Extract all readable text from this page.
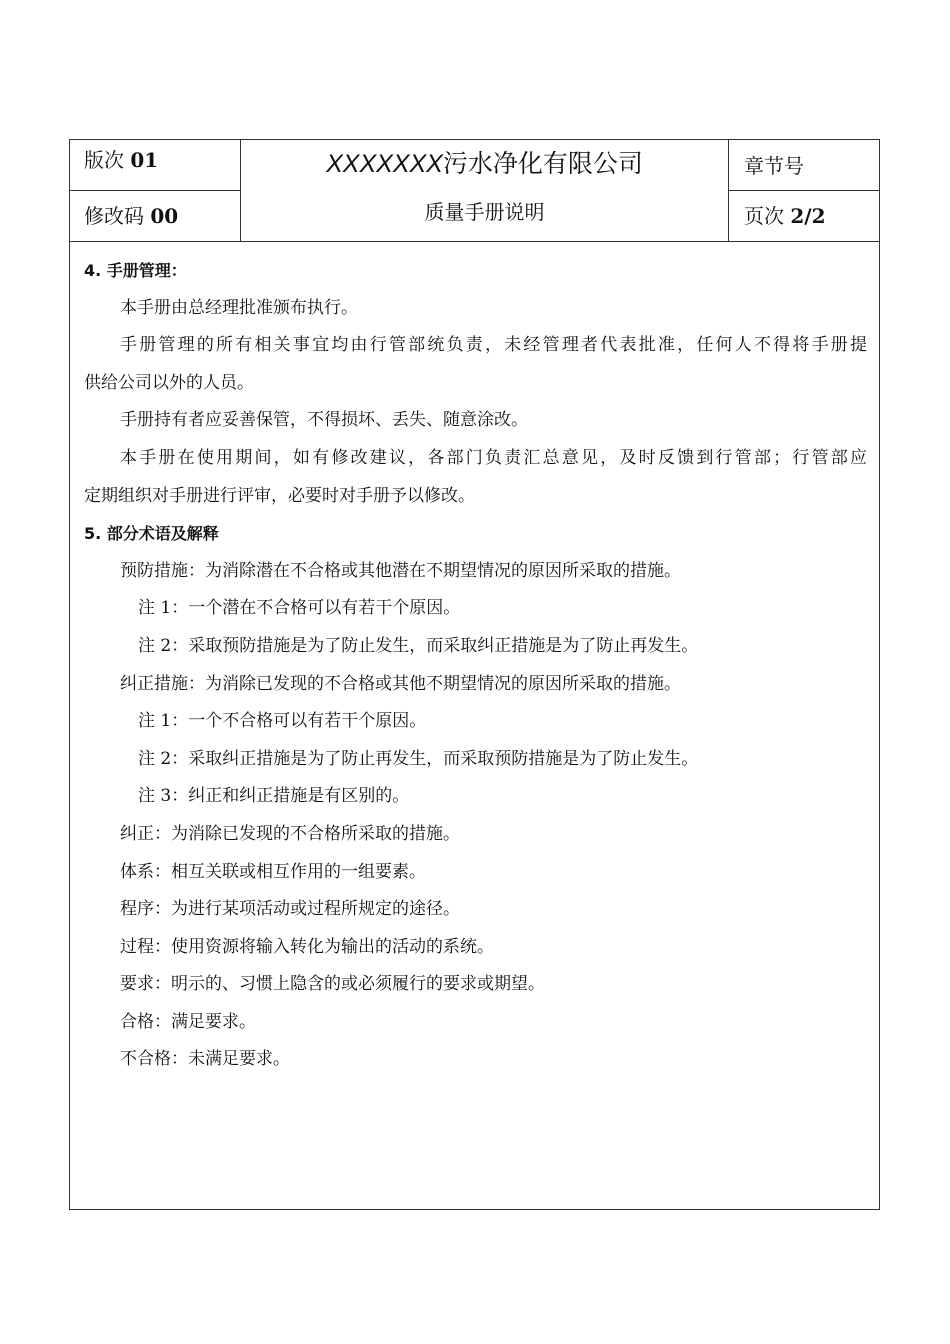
版次 01
修改码 00
XXXXXXX污水净化有限公司
质量手册说明
章节号
页次 2/2
4. 手册管理：
本手册由总经理批准颁布执行。
手册管理的所有相关事宜均由行管部统负责，未经管理者代表批准，任何人不得将手册提
供给公司以外的人员。
手册持有者应妥善保管，不得损坏、丢失、随意涂改。
本手册在使用期间，如有修改建议，各部门负责汇总意见，及时反馈到行管部；行管部应
定期组织对手册进行评审，必要时对手册予以修改。
5. 部分术语及解释
预防措施：为消除潜在不合格或其他潜在不期望情况的原因所采取的措施。
注 1：一个潜在不合格可以有若干个原因。
注 2：采取预防措施是为了防止发生，而采取纠正措施是为了防止再发生。
纠正措施：为消除已发现的不合格或其他不期望情况的原因所采取的措施。
注 1：一个不合格可以有若干个原因。
注 2：采取纠正措施是为了防止再发生，而采取预防措施是为了防止发生。
注 3：纠正和纠正措施是有区别的。
纠正：为消除已发现的不合格所采取的措施。
体系：相互关联或相互作用的一组要素。
程序：为进行某项活动或过程所规定的途径。
过程：使用资源将输入转化为输出的活动的系统。
要求：明示的、习惯上隐含的或必须履行的要求或期望。
合格：满足要求。
不合格：未满足要求。
